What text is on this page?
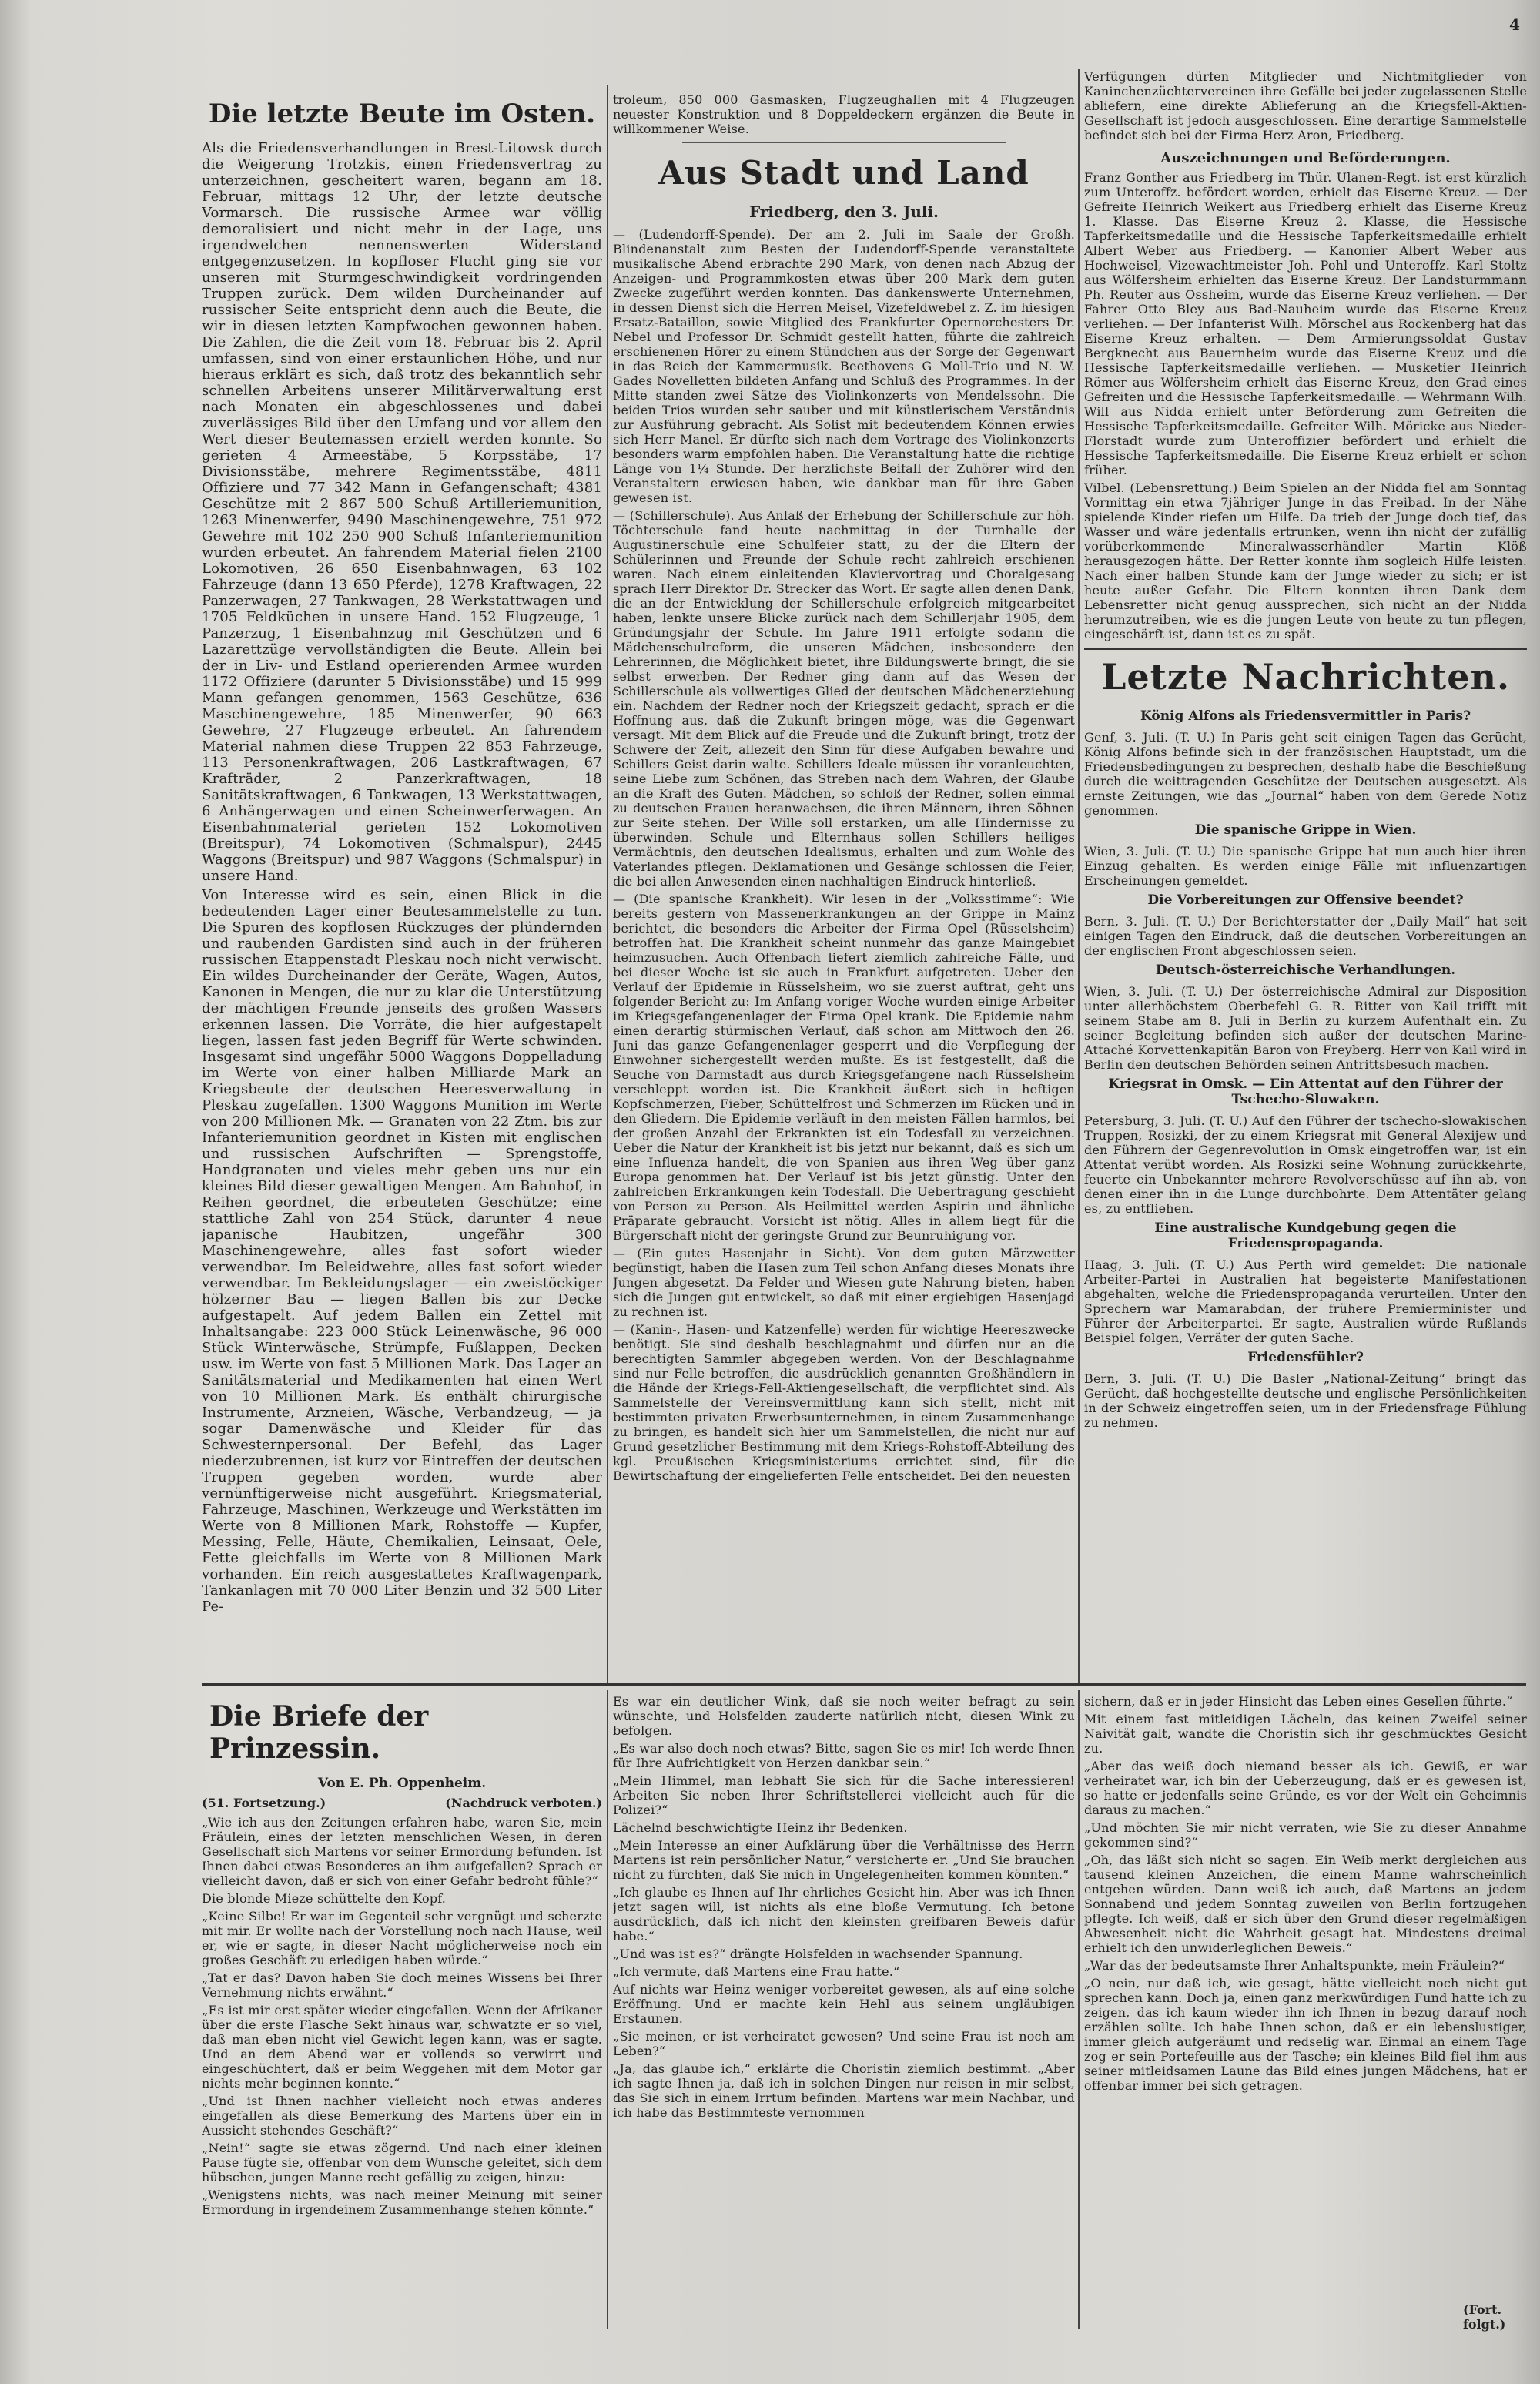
4
Die letzte Beute im Osten.

Als die Friedensverhandlungen in Brest-Litowsk durch die Weigerung Trotzkis, einen Friedensvertrag zu unterzeichnen, gescheitert waren, begann am 18. Februar, mittags 12 Uhr, der letzte deutsche Vormarsch. Die russische Armee war völlig demoralisiert und nicht mehr in der Lage, uns irgendwelchen nennenswerten Widerstand entgegenzusetzen. In kopfloser Flucht ging sie vor unseren mit Sturmgeschwindigkeit vordringenden Truppen zurück. Dem wilden Durcheinander auf russischer Seite entspricht denn auch die Beute, die wir in diesen letzten Kampfwochen gewonnen haben. Die Zahlen, die die Zeit vom 18. Februar bis 2. April umfassen, sind von einer erstaunlichen Höhe, und nur hieraus erklärt es sich, daß trotz des bekanntlich sehr schnellen Arbeitens unserer Militärverwaltung erst nach Monaten ein abgeschlossenes und dabei zuverlässiges Bild über den Umfang und vor allem den Wert dieser Beutemassen erzielt werden konnte. So gerieten 4 Armeestäbe, 5 Korpsstäbe, 17 Divisionsstäbe, mehrere Regimentsstäbe, 4811 Offiziere und 77 342 Mann in Gefangenschaft; 4381 Geschütze mit 2 867 500 Schuß Artilleriemunition, 1263 Minenwerfer, 9490 Maschinengewehre, 751 972 Gewehre mit 102 250 900 Schuß Infanteriemunition wurden erbeutet. An fahrendem Material fielen 2100 Lokomotiven, 26 650 Eisenbahnwagen, 63 102 Fahrzeuge (dann 13 650 Pferde), 1278 Kraftwagen, 22 Panzerwagen, 27 Tankwagen, 28 Werkstattwagen und 1705 Feldküchen in unsere Hand. 152 Flugzeuge, 1 Panzerzug, 1 Eisenbahnzug mit Geschützen und 6 Lazarettzüge vervollständigten die Beute. Allein bei der in Liv- und Estland operierenden Armee wurden 1172 Offiziere (darunter 5 Divisionsstäbe) und 15 999 Mann gefangen genommen, 1563 Geschütze, 636 Maschinengewehre, 185 Minenwerfer, 90 663 Gewehre, 27 Flugzeuge erbeutet. An fahrendem Material nahmen diese Truppen 22 853 Fahrzeuge, 113 Personenkraftwagen, 206 Lastkraftwagen, 67 Krafträder, 2 Panzerkraftwagen, 18 Sanitätskraftwagen, 6 Tankwagen, 13 Werkstattwagen, 6 Anhängerwagen und einen Scheinwerferwagen. An Eisenbahnmaterial gerieten 152 Lokomotiven (Breitspur), 74 Lokomotiven (Schmalspur), 2445 Waggons (Breitspur) und 987 Waggons (Schmalspur) in unsere Hand.

Von Interesse wird es sein, einen Blick in die bedeutenden Lager einer Beutesammelstelle zu tun. Die Spuren des kopflosen Rückzuges der plündernden und raubenden Gardisten sind auch in der früheren russischen Etappenstadt Pleskau noch nicht verwischt. Ein wildes Durcheinander der Geräte, Wagen, Autos, Kanonen in Mengen, die nur zu klar die Unterstützung der mächtigen Freunde jenseits des großen Wassers erkennen lassen. Die Vorräte, die hier aufgestapelt liegen, lassen fast jeden Begriff für Werte schwinden. Insgesamt sind ungefähr 5000 Waggons Doppelladung im Werte von einer halben Milliarde Mark an Kriegsbeute der deutschen Heeresverwaltung in Pleskau zugefallen. 1300 Waggons Munition im Werte von 200 Millionen Mk. — Granaten von 22 Ztm. bis zur Infanteriemunition geordnet in Kisten mit englischen und russischen Aufschriften — Sprengstoffe, Handgranaten und vieles mehr geben uns nur ein kleines Bild dieser gewaltigen Mengen. Am Bahnhof, in Reihen geordnet, die erbeuteten Geschütze; eine stattliche Zahl von 254 Stück, darunter 4 neue japanische Haubitzen, ungefähr 300 Maschinengewehre, alles fast sofort wieder verwendbar. Im Beleidwehre, alles fast sofort wieder verwendbar. Im Bekleidungslager — ein zweistöckiger hölzerner Bau — liegen Ballen bis zur Decke aufgestapelt. Auf jedem Ballen ein Zettel mit Inhaltsangabe: 223 000 Stück Leinenwäsche, 96 000 Stück Winterwäsche, Strümpfe, Fußlappen, Decken usw. im Werte von fast 5 Millionen Mark. Das Lager an Sanitätsmaterial und Medikamenten hat einen Wert von 10 Millionen Mark. Es enthält chirurgische Instrumente, Arzneien, Wäsche, Verbandzeug, — ja sogar Damenwäsche und Kleider für das Schwesternpersonal. Der Befehl, das Lager niederzubrennen, ist kurz vor Eintreffen der deutschen Truppen gegeben worden, wurde aber vernünftigerweise nicht ausgeführt. Kriegsmaterial, Fahrzeuge, Maschinen, Werkzeuge und Werkstätten im Werte von 8 Millionen Mark, Rohstoffe — Kupfer, Messing, Felle, Häute, Chemikalien, Leinsaat, Oele, Fette gleichfalls im Werte von 8 Millionen Mark vorhanden. Ein reich ausgestattetes Kraftwagenpark, Tankanlagen mit 70 000 Liter Benzin und 32 500 Liter Pe-

troleum, 850 000 Gasmasken, Flugzeughallen mit 4 Flugzeugen neuester Konstruktion und 8 Doppeldeckern ergänzen die Beute in willkommener Weise.

Aus Stadt und Land
Friedberg, den 3. Juli.

— (Ludendorff-Spende). Der am 2. Juli im Saale der Großh. Blindenanstalt zum Besten der Ludendorff-Spende veranstaltete musikalische Abend erbrachte 290 Mark, von denen nach Abzug der Anzeigen- und Programmkosten etwas über 200 Mark dem guten Zwecke zugeführt werden konnten. Das dankenswerte Unternehmen, in dessen Dienst sich die Herren Meisel, Vizefeldwebel z. Z. im hiesigen Ersatz-Bataillon, sowie Mitglied des Frankfurter Opernorchesters Dr. Nebel und Professor Dr. Schmidt gestellt hatten, führte die zahlreich erschienenen Hörer zu einem Stündchen aus der Sorge der Gegenwart in das Reich der Kammermusik. Beethovens G Moll-Trio und N. W. Gades Novelletten bildeten Anfang und Schluß des Programmes. In der Mitte standen zwei Sätze des Violinkonzerts von Mendelssohn. Die beiden Trios wurden sehr sauber und mit künstlerischem Verständnis zur Ausführung gebracht. Als Solist mit bedeutendem Können erwies sich Herr Manel. Er dürfte sich nach dem Vortrage des Violinkonzerts besonders warm empfohlen haben. Die Veranstaltung hatte die richtige Länge von 1¼ Stunde. Der herzlichste Beifall der Zuhörer wird den Veranstaltern erwiesen haben, wie dankbar man für ihre Gaben gewesen ist.

— (Schillerschule). Aus Anlaß der Erhebung der Schillerschule zur höh. Töchterschule fand heute nachmittag in der Turnhalle der Augustinerschule eine Schulfeier statt, zu der die Eltern der Schülerinnen und Freunde der Schule recht zahlreich erschienen waren. Nach einem einleitenden Klaviervortrag und Choralgesang sprach Herr Direktor Dr. Strecker das Wort. Er sagte allen denen Dank, die an der Entwicklung der Schillerschule erfolgreich mitgearbeitet haben, lenkte unsere Blicke zurück nach dem Schillerjahr 1905, dem Gründungsjahr der Schule. Im Jahre 1911 erfolgte sodann die Mädchenschulreform, die unseren Mädchen, insbesondere den Lehrerinnen, die Möglichkeit bietet, ihre Bildungswerte bringt, die sie selbst erwerben. Der Redner ging dann auf das Wesen der Schillerschule als vollwertiges Glied der deutschen Mädchenerziehung ein. Nachdem der Redner noch der Kriegszeit gedacht, sprach er die Hoffnung aus, daß die Zukunft bringen möge, was die Gegenwart versagt. Mit dem Blick auf die Freude und die Zukunft bringt, trotz der Schwere der Zeit, allezeit den Sinn für diese Aufgaben bewahre und Schillers Geist darin walte. Schillers Ideale müssen ihr voranleuchten, seine Liebe zum Schönen, das Streben nach dem Wahren, der Glaube an die Kraft des Guten. Mädchen, so schloß der Redner, sollen einmal zu deutschen Frauen heranwachsen, die ihren Männern, ihren Söhnen zur Seite stehen. Der Wille soll erstarken, um alle Hindernisse zu überwinden. Schule und Elternhaus sollen Schillers heiliges Vermächtnis, den deutschen Idealismus, erhalten und zum Wohle des Vaterlandes pflegen. Deklamationen und Gesänge schlossen die Feier, die bei allen Anwesenden einen nachhaltigen Eindruck hinterließ.

— (Die spanische Krankheit). Wir lesen in der „Volksstimme“: Wie bereits gestern von Massenerkrankungen an der Grippe in Mainz berichtet, die besonders die Arbeiter der Firma Opel (Rüsselsheim) betroffen hat. Die Krankheit scheint nunmehr das ganze Maingebiet heimzusuchen. Auch Offenbach liefert ziemlich zahlreiche Fälle, und bei dieser Woche ist sie auch in Frankfurt aufgetreten. Ueber den Verlauf der Epidemie in Rüsselsheim, wo sie zuerst auftrat, geht uns folgender Bericht zu: Im Anfang voriger Woche wurden einige Arbeiter im Kriegsgefangenenlager der Firma Opel krank. Die Epidemie nahm einen derartig stürmischen Verlauf, daß schon am Mittwoch den 26. Juni das ganze Gefangenenlager gesperrt und die Verpflegung der Einwohner sichergestellt werden mußte. Es ist festgestellt, daß die Seuche von Darmstadt aus durch Kriegsgefangene nach Rüsselsheim verschleppt worden ist. Die Krankheit äußert sich in heftigen Kopfschmerzen, Fieber, Schüttelfrost und Schmerzen im Rücken und in den Gliedern. Die Epidemie verläuft in den meisten Fällen harmlos, bei der großen Anzahl der Erkrankten ist ein Todesfall zu verzeichnen. Ueber die Natur der Krankheit ist bis jetzt nur bekannt, daß es sich um eine Influenza handelt, die von Spanien aus ihren Weg über ganz Europa genommen hat. Der Verlauf ist bis jetzt günstig. Unter den zahlreichen Erkrankungen kein Todesfall. Die Uebertragung geschieht von Person zu Person. Als Heilmittel werden Aspirin und ähnliche Präparate gebraucht. Vorsicht ist nötig. Alles in allem liegt für die Bürgerschaft nicht der geringste Grund zur Beunruhigung vor.

— (Ein gutes Hasenjahr in Sicht). Von dem guten Märzwetter begünstigt, haben die Hasen zum Teil schon Anfang dieses Monats ihre Jungen abgesetzt. Da Felder und Wiesen gute Nahrung bieten, haben sich die Jungen gut entwickelt, so daß mit einer ergiebigen Hasenjagd zu rechnen ist.

— (Kanin-, Hasen- und Katzenfelle) werden für wichtige Heereszwecke benötigt. Sie sind deshalb beschlagnahmt und dürfen nur an die berechtigten Sammler abgegeben werden. Von der Beschlagnahme sind nur Felle betroffen, die ausdrücklich genannten Großhändlern in die Hände der Kriegs-Fell-Aktiengesellschaft, die verpflichtet sind. Als Sammelstelle der Vereinsvermittlung kann sich stellt, nicht mit bestimmten privaten Erwerbsunternehmen, in einem Zusammenhange zu bringen, es handelt sich hier um Sammelstellen, die nicht nur auf Grund gesetzlicher Bestimmung mit dem Kriegs-Rohstoff-Abteilung des kgl. Preußischen Kriegsministeriums errichtet sind, für die Bewirtschaftung der eingelieferten Felle entscheidet. Bei den neuesten

Verfügungen dürfen Mitglieder und Nichtmitglieder von Kaninchenzüchtervereinen ihre Gefälle bei jeder zugelassenen Stelle abliefern, eine direkte Ablieferung an die Kriegsfell-Aktien-Gesellschaft ist jedoch ausgeschlossen. Eine derartige Sammelstelle befindet sich bei der Firma Herz Aron, Friedberg.

Auszeichnungen und Beförderungen.

Franz Gonther aus Friedberg im Thür. Ulanen-Regt. ist erst kürzlich zum Unteroffz. befördert worden, erhielt das Eiserne Kreuz. — Der Gefreite Heinrich Weikert aus Friedberg erhielt das Eiserne Kreuz 1. Klasse. Das Eiserne Kreuz 2. Klasse, die Hessische Tapferkeitsmedaille und die Hessische Tapferkeitsmedaille erhielt Albert Weber aus Friedberg. — Kanonier Albert Weber aus Hochweisel, Vizewachtmeister Joh. Pohl und Unteroffz. Karl Stoltz aus Wölfersheim erhielten das Eiserne Kreuz. Der Landsturmmann Ph. Reuter aus Ossheim, wurde das Eiserne Kreuz verliehen. — Der Fahrer Otto Bley aus Bad-Nauheim wurde das Eiserne Kreuz verliehen. — Der Infanterist Wilh. Mörschel aus Rockenberg hat das Eiserne Kreuz erhalten. — Dem Armierungssoldat Gustav Bergknecht aus Bauernheim wurde das Eiserne Kreuz und die Hessische Tapferkeitsmedaille verliehen. — Musketier Heinrich Römer aus Wölfersheim erhielt das Eiserne Kreuz, den Grad eines Gefreiten und die Hessische Tapferkeitsmedaille. — Wehrmann Wilh. Will aus Nidda erhielt unter Beförderung zum Gefreiten die Hessische Tapferkeitsmedaille. Gefreiter Wilh. Möricke aus Nieder-Florstadt wurde zum Unteroffizier befördert und erhielt die Hessische Tapferkeitsmedaille. Die Eiserne Kreuz erhielt er schon früher.

Vilbel. (Lebensrettung.) Beim Spielen an der Nidda fiel am Sonntag Vormittag ein etwa 7jähriger Junge in das Freibad. In der Nähe spielende Kinder riefen um Hilfe. Da trieb der Junge doch tief, das Wasser und wäre jedenfalls ertrunken, wenn ihn nicht der zufällig vorüberkommende Mineralwasserhändler Martin Klöß herausgezogen hätte. Der Retter konnte ihm sogleich Hilfe leisten. Nach einer halben Stunde kam der Junge wieder zu sich; er ist heute außer Gefahr. Die Eltern konnten ihren Dank dem Lebensretter nicht genug aussprechen, sich nicht an der Nidda herumzutreiben, wie es die jungen Leute von heute zu tun pflegen, eingeschärft ist, dann ist es zu spät.

Letzte Nachrichten.
König Alfons als Friedensvermittler in Paris?

Genf, 3. Juli. (T. U.) In Paris geht seit einigen Tagen das Gerücht, König Alfons befinde sich in der französischen Hauptstadt, um die Friedensbedingungen zu besprechen, deshalb habe die Beschießung durch die weittragenden Geschütze der Deutschen ausgesetzt. Als ernste Zeitungen, wie das „Journal“ haben von dem Gerede Notiz genommen.

Die spanische Grippe in Wien.

Wien, 3. Juli. (T. U.) Die spanische Grippe hat nun auch hier ihren Einzug gehalten. Es werden einige Fälle mit influenzartigen Erscheinungen gemeldet.

Die Vorbereitungen zur Offensive beendet?

Bern, 3. Juli. (T. U.) Der Berichterstatter der „Daily Mail“ hat seit einigen Tagen den Eindruck, daß die deutschen Vorbereitungen an der englischen Front abgeschlossen seien.

Deutsch-österreichische Verhandlungen.

Wien, 3. Juli. (T. U.) Der österreichische Admiral zur Disposition unter allerhöchstem Oberbefehl G. R. Ritter von Kail trifft mit seinem Stabe am 8. Juli in Berlin zu kurzem Aufenthalt ein. Zu seiner Begleitung befinden sich außer der deutschen Marine-Attaché Korvettenkapitän Baron von Freyberg. Herr von Kail wird in Berlin den deutschen Behörden seinen Antrittsbesuch machen.

Kriegsrat in Omsk. — Ein Attentat auf den Führer der Tschecho-Slowaken.

Petersburg, 3. Juli. (T. U.) Auf den Führer der tschecho-slowakischen Truppen, Rosizki, der zu einem Kriegsrat mit General Alexijew und den Führern der Gegenrevolution in Omsk eingetroffen war, ist ein Attentat verübt worden. Als Rosizki seine Wohnung zurückkehrte, feuerte ein Unbekannter mehrere Revolverschüsse auf ihn ab, von denen einer ihn in die Lunge durchbohrte. Dem Attentäter gelang es, zu entfliehen.

Eine australische Kundgebung gegen die Friedenspropaganda.

Haag, 3. Juli. (T. U.) Aus Perth wird gemeldet: Die nationale Arbeiter-Partei in Australien hat begeisterte Manifestationen abgehalten, welche die Friedenspropaganda verurteilen. Unter den Sprechern war Mamarabdan, der frühere Premierminister und Führer der Arbeiterpartei. Er sagte, Australien würde Rußlands Beispiel folgen, Verräter der guten Sache.

Friedensfühler?

Bern, 3. Juli. (T. U.) Die Basler „National-Zeitung“ bringt das Gerücht, daß hochgestellte deutsche und englische Persönlichkeiten in der Schweiz eingetroffen seien, um in der Friedensfrage Fühlung zu nehmen.

Die Briefe der Prinzessin.
Von E. Ph. Oppenheim.
(51. Fortsetzung.)	(Nachdruck verboten.)

„Wie ich aus den Zeitungen erfahren habe, waren Sie, mein Fräulein, eines der letzten menschlichen Wesen, in deren Gesellschaft sich Martens vor seiner Ermordung befunden. Ist Ihnen dabei etwas Besonderes an ihm aufgefallen? Sprach er vielleicht davon, daß er sich von einer Gefahr bedroht fühle?“

Die blonde Mieze schüttelte den Kopf.

„Keine Silbe! Er war im Gegenteil sehr vergnügt und scherzte mit mir. Er wollte nach der Vorstellung noch nach Hause, weil er, wie er sagte, in dieser Nacht möglicherweise noch ein großes Geschäft zu erledigen haben würde.“

„Tat er das? Davon haben Sie doch meines Wissens bei Ihrer Vernehmung nichts erwähnt.“

„Es ist mir erst später wieder eingefallen. Wenn der Afrikaner über die erste Flasche Sekt hinaus war, schwatzte er so viel, daß man eben nicht viel Gewicht legen kann, was er sagte. Und an dem Abend war er vollends so verwirrt und eingeschüchtert, daß er beim Weggehen mit dem Motor gar nichts mehr beginnen konnte.“

„Und ist Ihnen nachher vielleicht noch etwas anderes eingefallen als diese Bemerkung des Martens über ein in Aussicht stehendes Geschäft?“

„Nein!“ sagte sie etwas zögernd. Und nach einer kleinen Pause fügte sie, offenbar von dem Wunsche geleitet, sich dem hübschen, jungen Manne recht gefällig zu zeigen, hinzu:

„Wenigstens nichts, was nach meiner Meinung mit seiner Ermordung in irgendeinem Zusammenhange stehen könnte.“

Es war ein deutlicher Wink, daß sie noch weiter befragt zu sein wünschte, und Holsfelden zauderte natürlich nicht, diesen Wink zu befolgen.

„Es war also doch noch etwas? Bitte, sagen Sie es mir! Ich werde Ihnen für Ihre Aufrichtigkeit von Herzen dankbar sein.“

„Mein Himmel, man lebhaft Sie sich für die Sache interessieren! Arbeiten Sie neben Ihrer Schriftstellerei vielleicht auch für die Polizei?“

Lächelnd beschwichtigte Heinz ihr Bedenken.

„Mein Interesse an einer Aufklärung über die Verhältnisse des Herrn Martens ist rein persönlicher Natur,“ versicherte er. „Und Sie brauchen nicht zu fürchten, daß Sie mich in Ungelegenheiten kommen könnten.“

„Ich glaube es Ihnen auf Ihr ehrliches Gesicht hin. Aber was ich Ihnen jetzt sagen will, ist nichts als eine bloße Vermutung. Ich betone ausdrücklich, daß ich nicht den kleinsten greifbaren Beweis dafür habe.“

„Und was ist es?“ drängte Holsfelden in wachsender Spannung.

„Ich vermute, daß Martens eine Frau hatte.“

Auf nichts war Heinz weniger vorbereitet gewesen, als auf eine solche Eröffnung. Und er machte kein Hehl aus seinem ungläubigen Erstaunen.

„Sie meinen, er ist verheiratet gewesen? Und seine Frau ist noch am Leben?“

„Ja, das glaube ich,“ erklärte die Choristin ziemlich bestimmt. „Aber ich sagte Ihnen ja, daß ich in solchen Dingen nur reisen in mir selbst, das Sie sich in einem Irrtum befinden. Martens war mein Nachbar, und ich habe das Bestimmteste vernommen

sichern, daß er in jeder Hinsicht das Leben eines Gesellen führte.“

Mit einem fast mitleidigen Lächeln, das keinen Zweifel seiner Naivität galt, wandte die Choristin sich ihr geschmücktes Gesicht zu.

„Aber das weiß doch niemand besser als ich. Gewiß, er war verheiratet war, ich bin der Ueberzeugung, daß er es gewesen ist, so hatte er jedenfalls seine Gründe, es vor der Welt ein Geheimnis daraus zu machen.“

„Und möchten Sie mir nicht verraten, wie Sie zu dieser Annahme gekommen sind?“

„Oh, das läßt sich nicht so sagen. Ein Weib merkt dergleichen aus tausend kleinen Anzeichen, die einem Manne wahrscheinlich entgehen würden. Dann weiß ich auch, daß Martens an jedem Sonnabend und jedem Sonntag zuweilen von Berlin fortzugehen pflegte. Ich weiß, daß er sich über den Grund dieser regelmäßigen Abwesenheit nicht die Wahrheit gesagt hat. Mindestens dreimal erhielt ich den unwiderleglichen Beweis.“

„War das der bedeutsamste Ihrer Anhaltspunkte, mein Fräulein?“

„O nein, nur daß ich, wie gesagt, hätte vielleicht noch nicht gut sprechen kann. Doch ja, einen ganz merkwürdigen Fund hatte ich zu zeigen, das ich kaum wieder ihn ich Ihnen in bezug darauf noch erzählen sollte. Ich habe Ihnen schon, daß er ein lebenslustiger, immer gleich aufgeräumt und redselig war. Einmal an einem Tage zog er sein Portefeuille aus der Tasche; ein kleines Bild fiel ihm aus seiner mitleidsamen Laune das Bild eines jungen Mädchens, hat er offenbar immer bei sich getragen.

(Fort. folgt.)
